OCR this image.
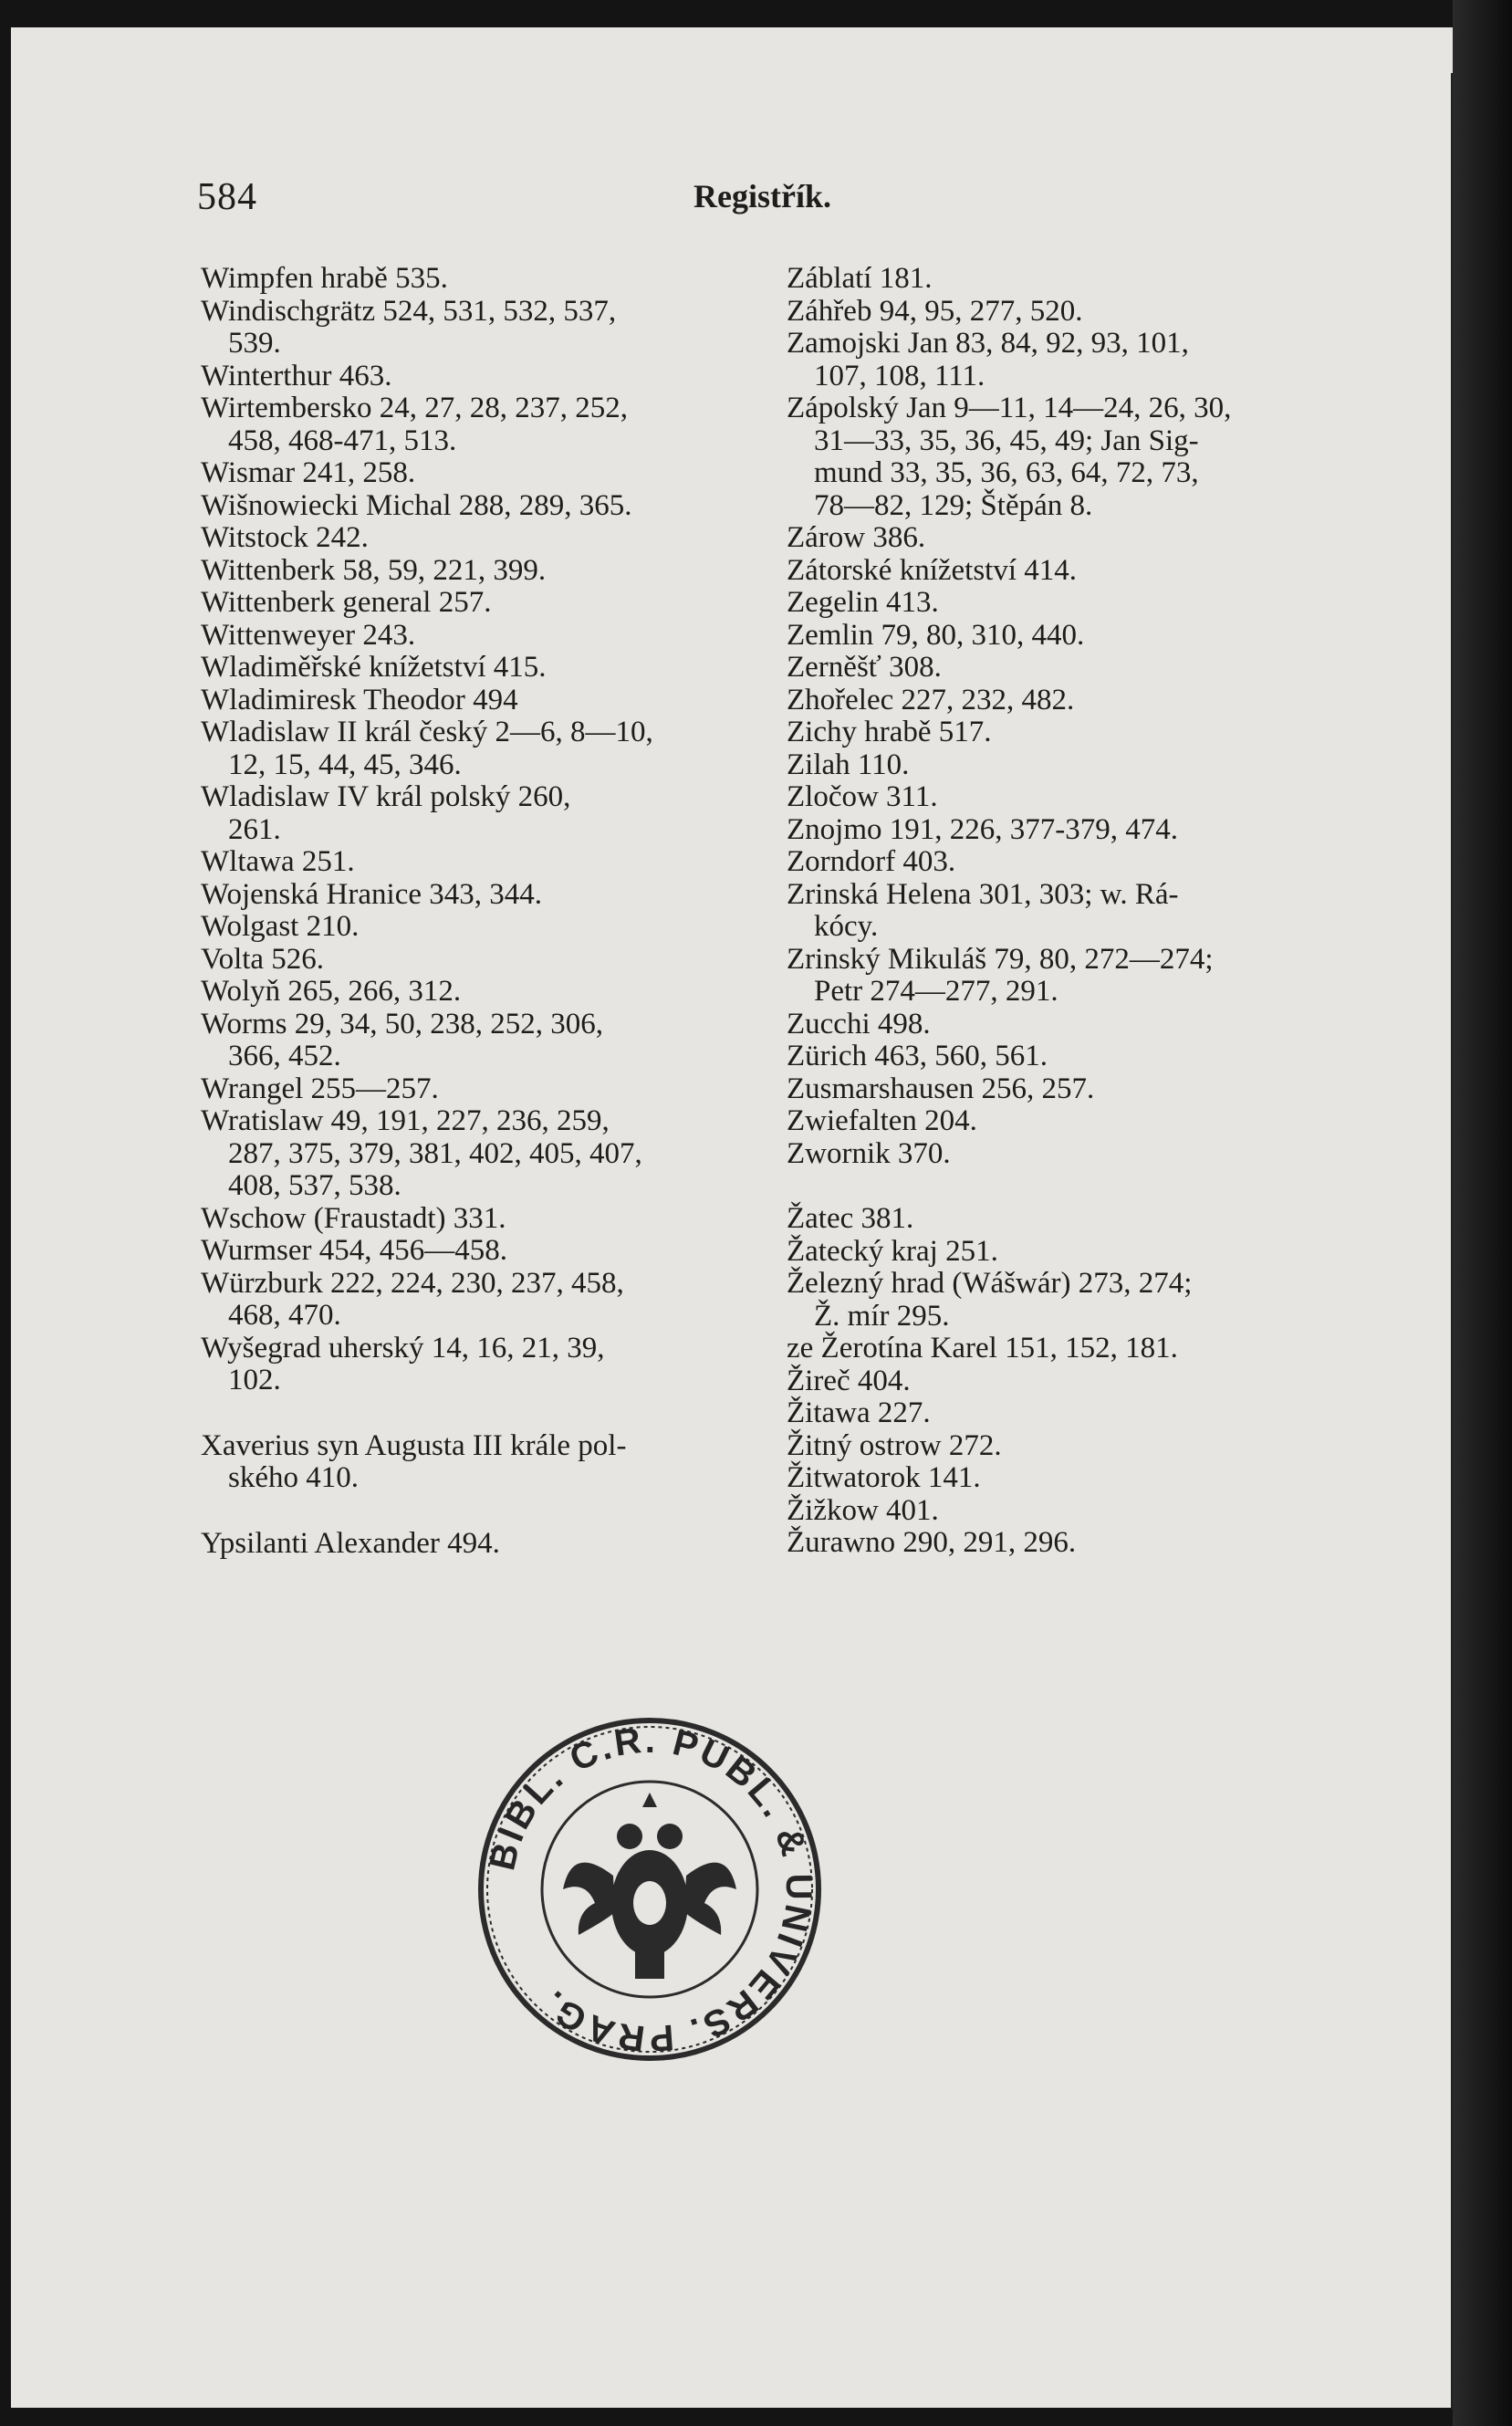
584	Registřík.
Wimpfen hrabě 535.
Windischgrätz 524, 531, 532, 537,
539.
Winterthur 463.
Wirtembersko 24, 27, 28, 237, 252,
458, 468-471, 513.
Wismar 241, 258.
Wišnowiecki Michal 288, 289, 365.
Witstock 242.
Wittenberk 58, 59, 221, 399.
Wittenberk general 257.
Wittenweyer 243.
Wladiměřské knížetství 415.
Wladimiresk Theodor 494
Wladislaw II král český 2—6, 8—10,
12, 15, 44, 45, 346.
Wladislaw IV král polský 260,
261.
Wltawa 251.
Wojenská Hranice 343, 344.
Wolgast 210.
Volta 526.
Wolyň 265, 266, 312.
Worms 29, 34, 50, 238, 252, 306,
366, 452.
Wrangel 255—257.
Wratislaw 49, 191, 227, 236, 259,
287, 375, 379, 381, 402, 405, 407,
408, 537, 538.
Wschow (Fraustadt) 331.
Wurmser 454, 456—458.
Würzburk 222, 224, 230, 237, 458,
468, 470.
Wyšegrad uherský 14, 16, 21, 39,
102.
Xaverius syn Augusta III krále pol-
ského 410.
Ypsilanti Alexander 494.
Záblatí 181.
Záhřeb 94, 95, 277, 520.
Zamojski Jan 83, 84, 92, 93, 101,
107, 108, 111.
Zápolský Jan 9—11, 14—24, 26, 30,
31—33, 35, 36, 45, 49; Jan Sig-
mund 33, 35, 36, 63, 64, 72, 73,
78—82, 129; Štěpán 8.
Zárow 386.
Zátorské knížetství 414.
Zegelin 413.
Zemlin 79, 80, 310, 440.
Zerněšť 308.
Zhořelec 227, 232, 482.
Zichy hrabě 517.
Zilah 110.
Zločow 311.
Znojmo 191, 226, 377-379, 474.
Zorndorf 403.
Zrinská Helena 301, 303; w. Rá-
kócy.
Zrinský Mikuláš 79, 80, 272—274;
Petr 274—277, 291.
Zucchi 498.
Zürich 463, 560, 561.
Zusmarshausen 256, 257.
Zwiefalten 204.
Zwornik 370.
Žatec 381.
Žatecký kraj 251.
Železný hrad (Wášwár) 273, 274;
Ž. mír 295.
ze Žerotína Karel 151, 152, 181.
Žireč 404.
Žitawa 227.
Žitný ostrow 272.
Žitwatorok 141.
Žižkow 401.
Žurawno 290, 291, 296.
BIBL. C.R. PUBL. & UNIVERS. PRAG.
